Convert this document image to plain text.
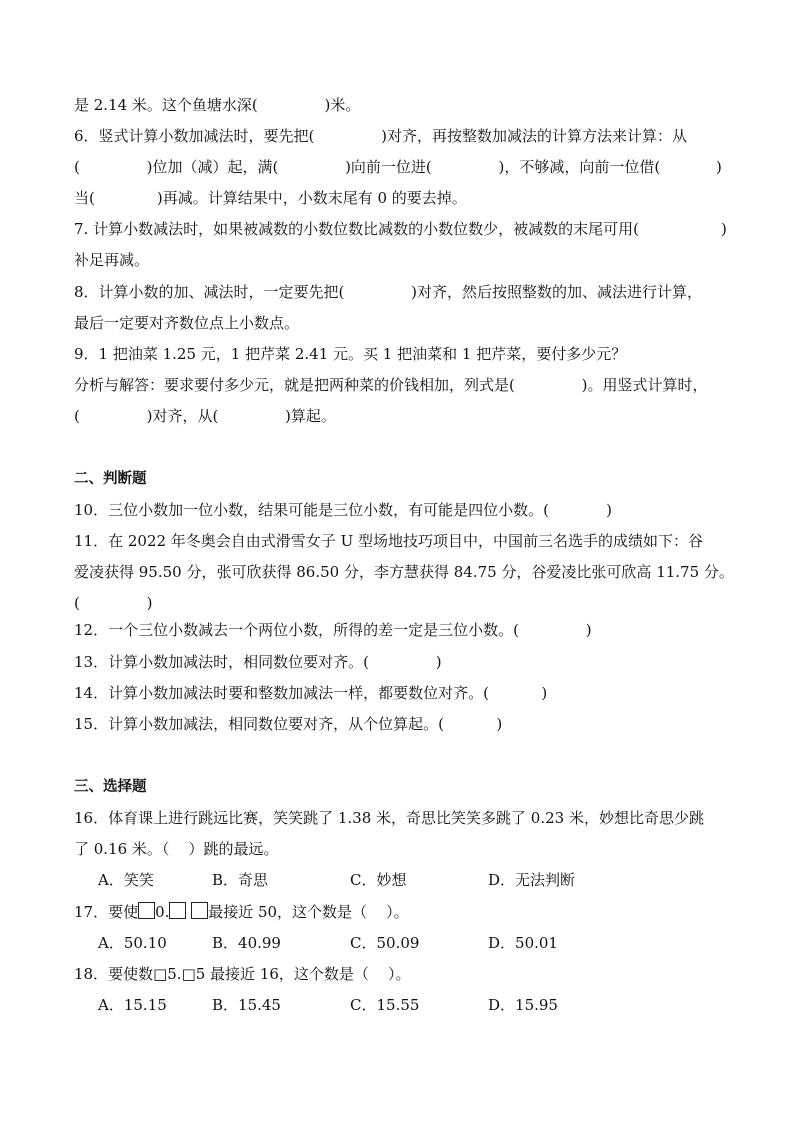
是 2.14 米。这个鱼塘水深(              )米。
6．竖式计算小数加减法时，要先把(              )对齐，再按整数加减法的计算方法来计算：从
(              )位加（减）起，满(              )向前一位进(              )，不够减，向前一位借(	)
当(             )再减。计算结果中，小数末尾有 0 的要去掉。
7. 计算小数减法时，如果被减数的小数位数比减数的小数位数少，被减数的末尾可用(	)
补足再减。
8．计算小数的加、减法时，一定要先把(              )对齐，然后按照整数的加、减法进行计算，
最后一定要对齐数位点上小数点。
9．1 把油菜 1.25 元，1 把芹菜 2.41 元。买 1 把油菜和 1 把芹菜，要付多少元？
分析与解答：要求要付多少元，就是把两种菜的价钱相加，列式是(              )。用竖式计算时，
(              )对齐，从(              )算起。
二、判断题
10．三位小数加一位小数，结果可能是三位小数，有可能是四位小数。(            )
11．在 2022 年冬奥会自由式滑雪女子 U 型场地技巧项目中，中国前三名选手的成绩如下：谷
爱凌获得 95.50 分，张可欣获得 86.50 分，李方慧获得 84.75 分，谷爱凌比张可欣高 11.75 分。
(              )
12．一个三位小数减去一个两位小数，所得的差一定是三位小数。(              )
13．计算小数加减法时，相同数位要对齐。(              )
14．计算小数加减法时要和整数加减法一样，都要数位对齐。(           )
15．计算小数加减法，相同数位要对齐，从个位算起。(           )
三、选择题
16．体育课上进行跳远比赛，笑笑跳了 1.38 米，奇思比笑笑多跳了 0.23 米，妙想比奇思少跳
了 0.16 米。（    ）跳的最远。
A．笑笑	B．奇思	C．妙想	D．无法判断
17．要使 0.	最接近 50，这个数是（    ）。
A．50.10	B．40.99	C．50.09	D．50.01
18．要使数□5.□5 最接近 16，这个数是（    ）。
A．15.15	B．15.45	C．15.55	D．15.95
